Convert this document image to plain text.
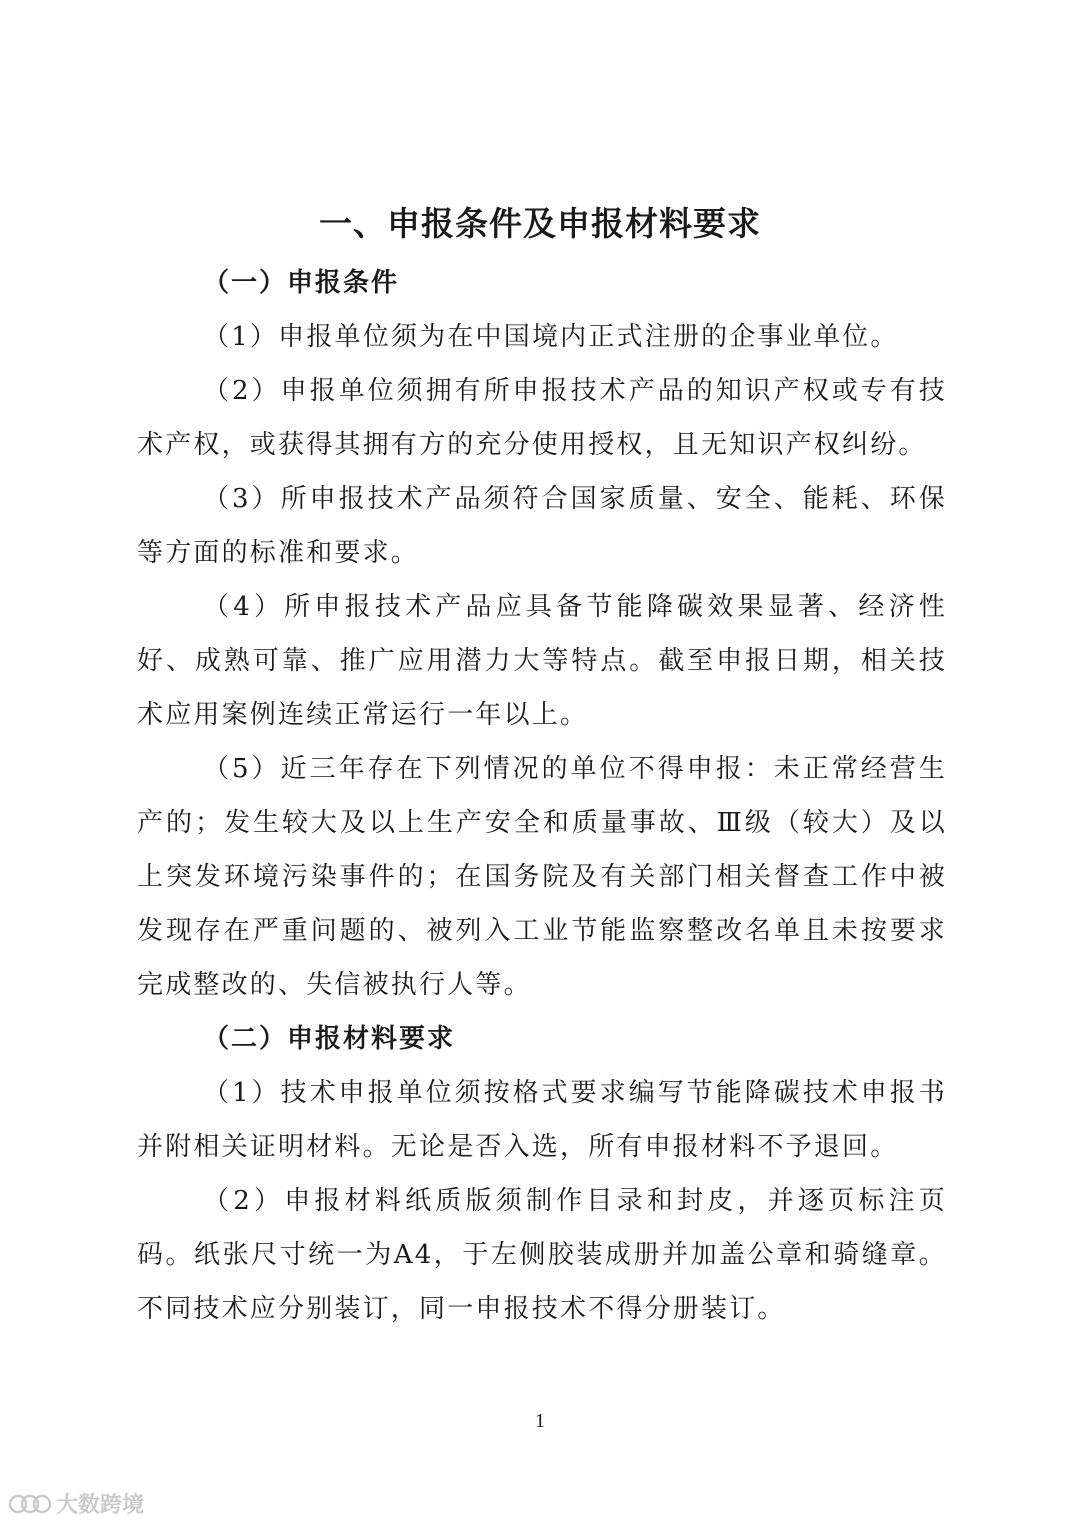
一、申报条件及申报材料要求

（一）申报条件

（1）申报单位须为在中国境内正式注册的企事业单位。

（2）申报单位须拥有所申报技术产品的知识产权或专有技术产权，或获得其拥有方的充分使用授权，且无知识产权纠纷。

（3）所申报技术产品须符合国家质量、安全、能耗、环保等方面的标准和要求。

（4）所申报技术产品应具备节能降碳效果显著、经济性好、成熟可靠、推广应用潜力大等特点。截至申报日期，相关技术应用案例连续正常运行一年以上。

（5）近三年存在下列情况的单位不得申报：未正常经营生产的；发生较大及以上生产安全和质量事故、Ⅲ级（较大）及以上突发环境污染事件的；在国务院及有关部门相关督查工作中被发现存在严重问题的、被列入工业节能监察整改名单且未按要求完成整改的、失信被执行人等。

（二）申报材料要求

（1）技术申报单位须按格式要求编写节能降碳技术申报书并附相关证明材料。无论是否入选，所有申报材料不予退回。

（2）申报材料纸质版须制作目录和封皮，并逐页标注页码。纸张尺寸统一为A4，于左侧胶装成册并加盖公章和骑缝章。不同技术应分别装订，同一申报技术不得分册装订。

1
大数跨境
